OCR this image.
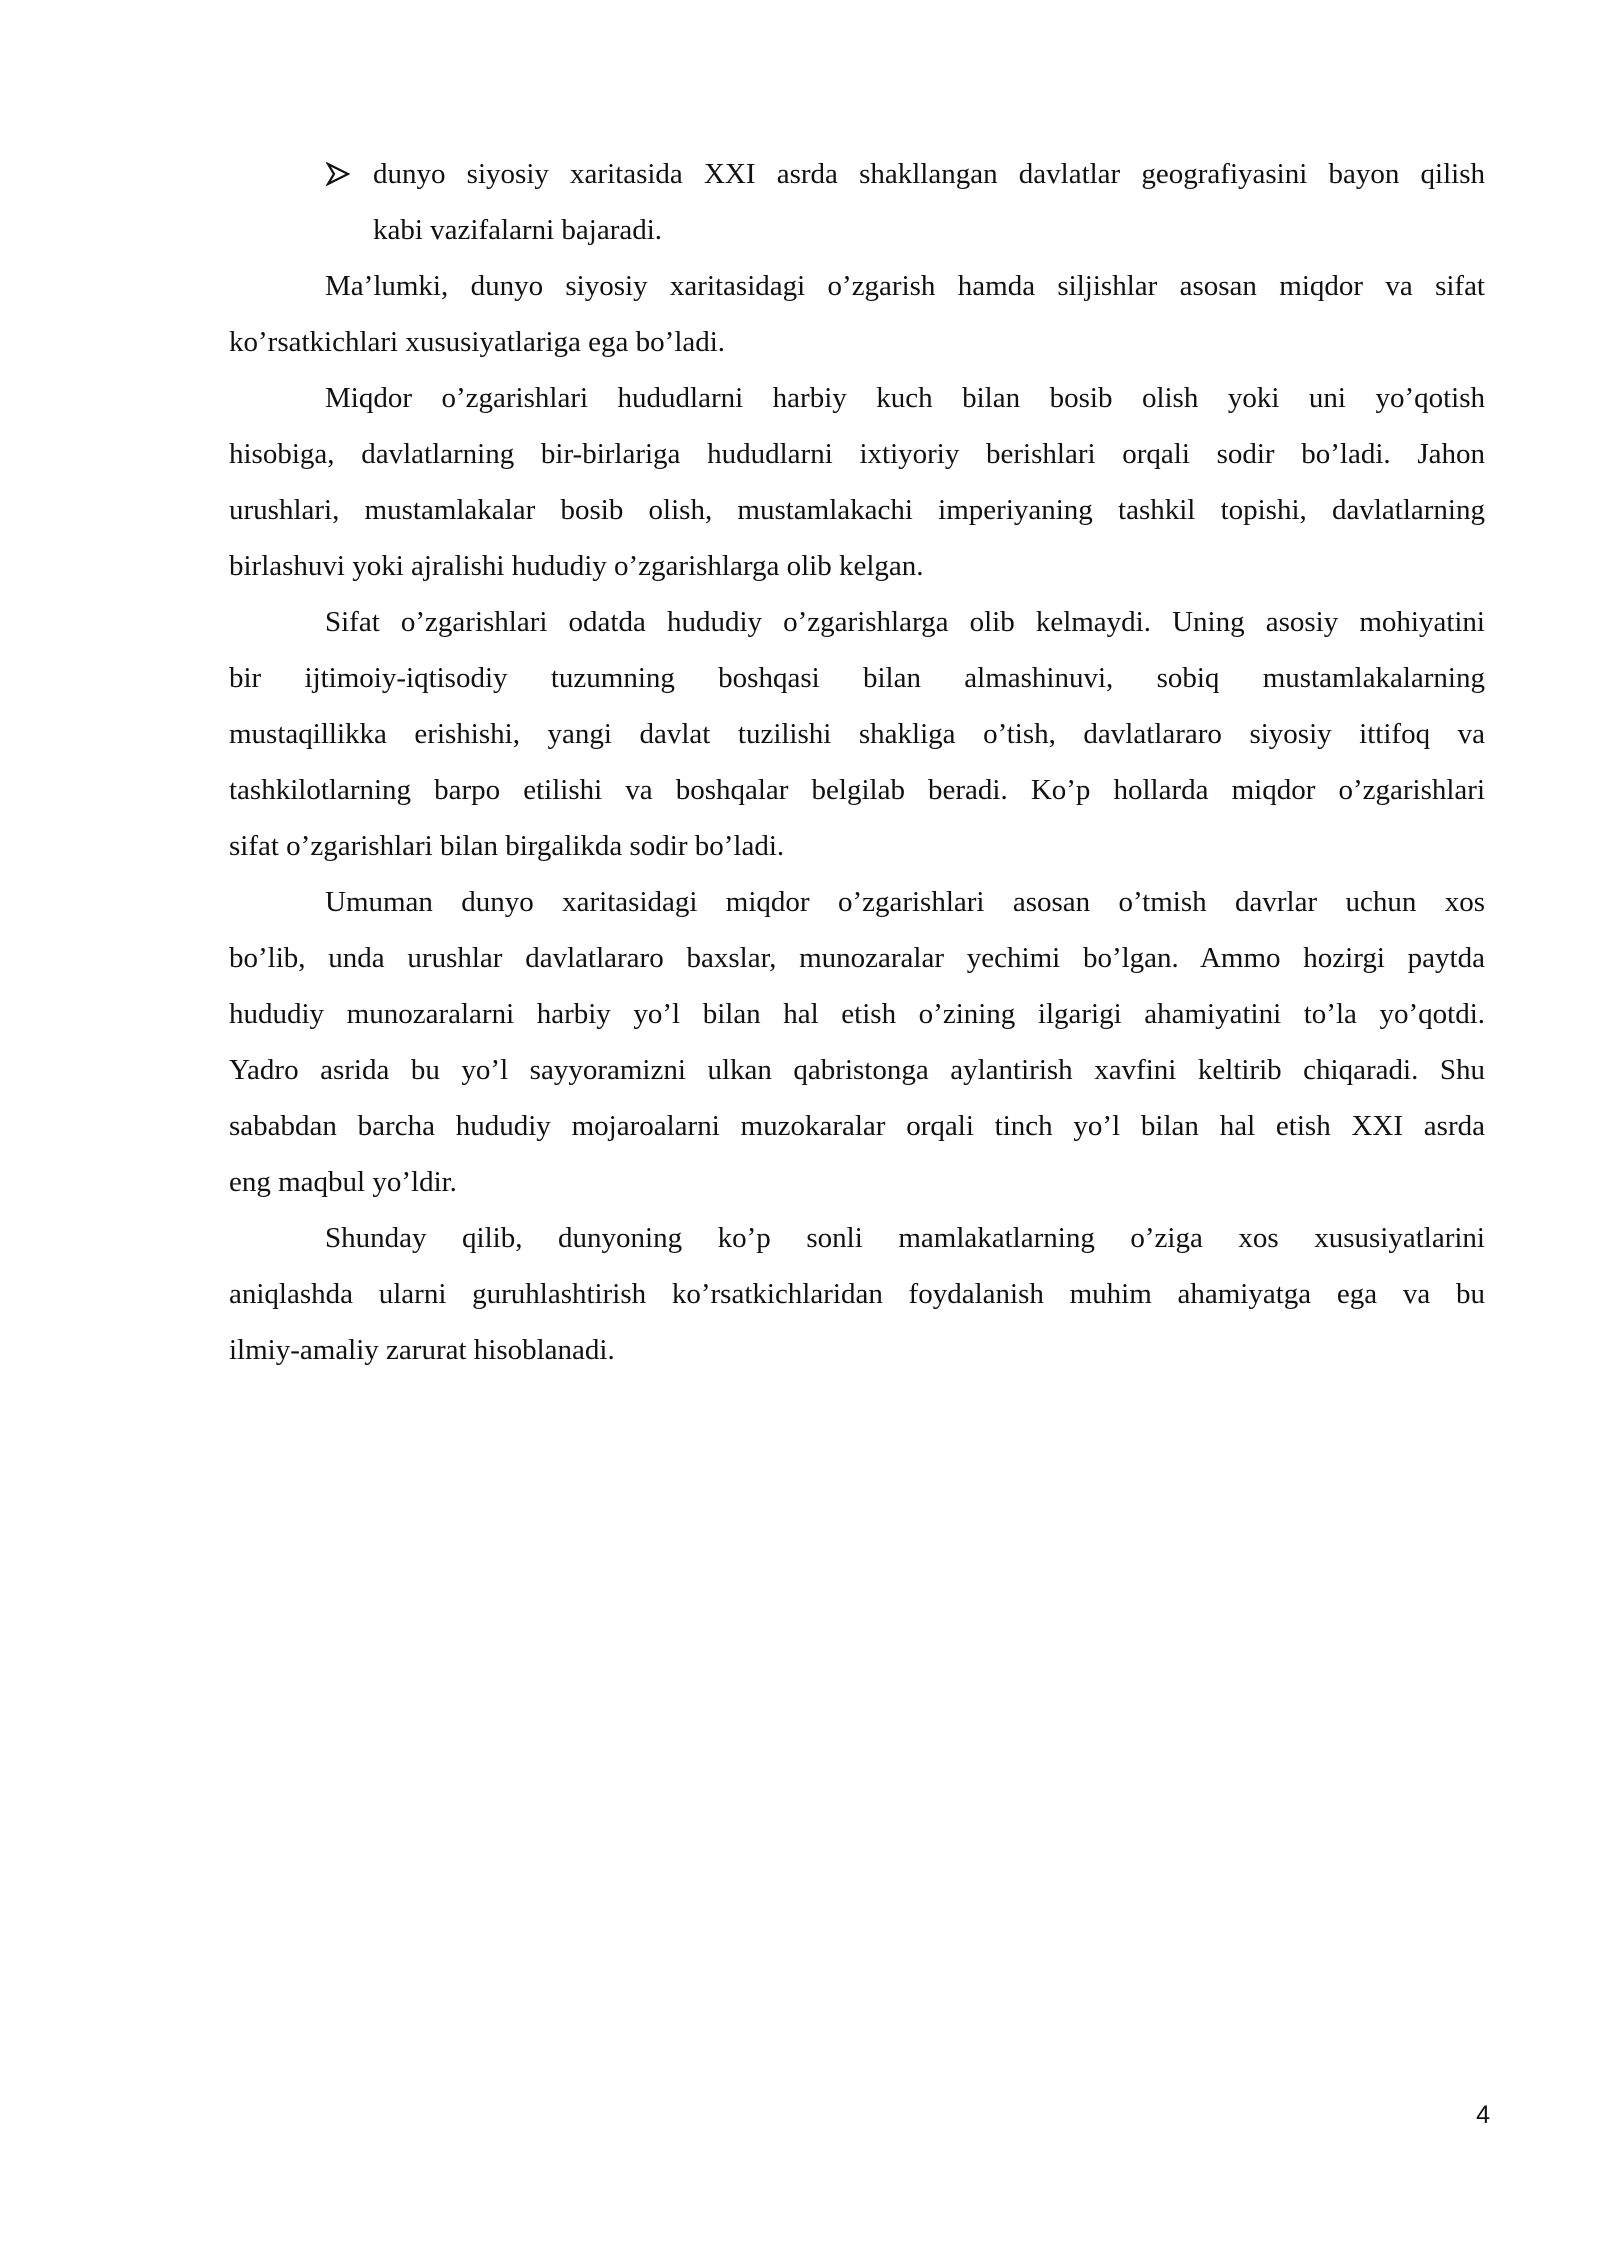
dunyo siyosiy xaritasida XXI asrda shakllangan davlatlar geografiyasini bayon qilish
kabi vazifalarni bajaradi.
Ma’lumki, dunyo siyosiy xaritasidagi o’zgarish hamda siljishlar asosan miqdor va sifat
ko’rsatkichlari xususiyatlariga ega bo’ladi.
Miqdor o’zgarishlari hududlarni harbiy kuch bilan bosib olish yoki uni yo’qotish
hisobiga, davlatlarning bir-birlariga hududlarni ixtiyoriy berishlari orqali sodir bo’ladi. Jahon
urushlari, mustamlakalar bosib olish, mustamlakachi imperiyaning tashkil topishi, davlatlarning
birlashuvi yoki ajralishi hududiy o’zgarishlarga olib kelgan.
Sifat o’zgarishlari odatda hududiy o’zgarishlarga olib kelmaydi. Uning asosiy mohiyatini
bir ijtimoiy-iqtisodiy tuzumning boshqasi bilan almashinuvi, sobiq mustamlakalarning
mustaqillikka erishishi, yangi davlat tuzilishi shakliga o’tish, davlatlararo siyosiy ittifoq va
tashkilotlarning barpo etilishi va boshqalar belgilab beradi. Ko’p hollarda miqdor o’zgarishlari
sifat o’zgarishlari bilan birgalikda sodir bo’ladi.
Umuman dunyo xaritasidagi miqdor o’zgarishlari asosan o’tmish davrlar uchun xos
bo’lib, unda urushlar davlatlararo baxslar, munozaralar yechimi bo’lgan. Ammo hozirgi paytda
hududiy munozaralarni harbiy yo’l bilan hal etish o’zining ilgarigi ahamiyatini to’la yo’qotdi.
Yadro asrida bu yo’l sayyoramizni ulkan qabristonga aylantirish xavfini keltirib chiqaradi. Shu
sababdan barcha hududiy mojaroalarni muzokaralar orqali tinch yo’l bilan hal etish XXI asrda
eng maqbul yo’ldir.
Shunday qilib, dunyoning ko’p sonli mamlakatlarning o’ziga xos xususiyatlarini
aniqlashda ularni guruhlashtirish ko’rsatkichlaridan foydalanish muhim ahamiyatga ega va bu
ilmiy-amaliy zarurat hisoblanadi.
4
